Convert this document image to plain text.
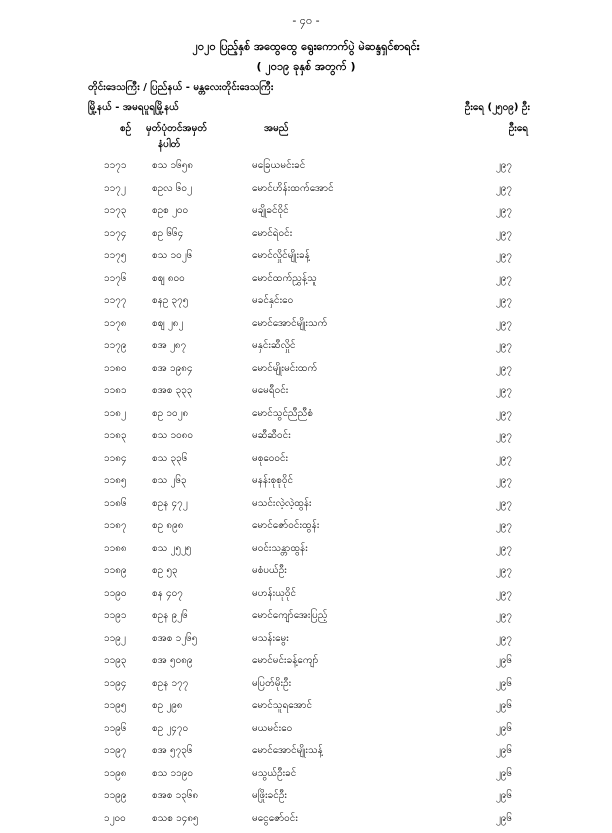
- ၄၀ -
၂၀၂၀ ပြည့်နှစ် အထွေထွေ ရွေးကောက်ပွဲ မဲဆန္ဒရှင်စာရင်း
( ၂၀၁၉ ခုနှစ် အတွက် )
တိုင်းဒေသကြီး / ပြည်နယ် - မန္တလေးတိုင်းဒေသကြီး
မြို့နယ် - အမရပူရမြို့နယ်	ဦးရေ (၂၅၀၉) ဦး
စဉ် မှတ်ပုံတင်အမှတ်
နံပါတ်
အမည်	ဦးရေ
၁၁၇၁	စသ ၁၆၅၈	မခြေယမင်းခင်	၂၉၇
၁၁၇၂	စဥလ ၆၀၂	မောင်ဟိန်းထက်အောင်	၂၉၇
၁၁၇၃	စဥစ ၂၀၀	မချိုခင်ဝိုင်	၂၉၇
၁၁၇၄	စဥ ၆၆၄	မောင်ရဲဝင်း	၂၉၇
၁၁၇၅	စသ ၁၀၂၆	မောင်လှိုင်မျိုးခန့်	၂၉၇
၁၁၇၆	စဈ ၈၀၀	မောင်ထက်ညွှန့်သူ	၂၉၇
၁၁၇၇	စနဥ ၃၇၅	မခင်နှင်းဝေ	၂၉၇
၁၁၇၈	စဈ ၂၈၂	မောင်အောင်မျိုးသက်	၂၉၇
၁၁၇၉	စအ ၂၈၇	မနှင်းဆီလှိုင်	၂၉၇
၁၁၈၀	စအ ၁၉၈၄	မောင်မျိုးမင်းထက်	၂၉၇
၁၁၈၁	စအစ ၃၃၃	မမေရီဝင်း	၂၉၇
၁၁၈၂	စဥ ၁၀၂၈	မောင်သွင်ညီညီစံ	၂၉၇
၁၁၈၃	စသ ၁၀၈၀	မဆီဆီဝင်း	၂၉၇
၁၁၈၄	စသ ၃၃၆	မစုဝေဝင်း	၂၉၇
၁၁၈၅	စသ ၂၆၃	မနန်းစုစုဝိုင်	၂၉၇
၁၁၈၆	စဥန ၄၇၂	မသင်းလဲ့လဲ့ထွန်း	၂၉၇
၁၁၈၇	စဥ ၈၉၈	မောင်ဇော်ဝင်းထွန်း	၂၉၇
၁၁၈၈	စသ ၂၅၂၅	မဝင်းသန္တာထွန်း	၂၉၇
၁၁၈၉	စဥ ၅၃	မစံပယ်ဦး	၂၉၇
၁၁၉၀	စန ၄၀၇	မဟန်းယုဝိုင်	၂၉၇
၁၁၉၁	စဥန ၉၂၆	မောင်ကျော်အေးပြည့်	၂၉၇
၁၁၉၂	စအစ ၁၂၆၅	မသန်းမွေး	၂၉၇
၁၁၉၃	စအ ၅၀၈၉	မောင်မင်းခန့်ကျော်	၂၉၆
၁၁၉၄	စဥန ၁၇၇	မပြတ်မိုးဦး	၂၉၆
၁၁၉၅	စဥ ၂၉၈	မောင်သူရအောင်	၂၉၆
၁၁၉၆	စဥ ၂၄၇၀	မယမင်းဝေ	၂၉၆
၁၁၉၇	စအ ၅၇၃၆	မောင်အောင်မျိုးသန့်	၂၉၆
၁၁၉၈	စသ ၁၁၉၀	မသွယ်ဦးခင်	၂၉၆
၁၁၉၉	စအစ ၁၃၆၈	မဖြိုးခင်ဦး	၂၉၆
၁၂၀၀	စသစ ၁၄၈၅	မငွေဇော်ဝင်း	၂၉၆
